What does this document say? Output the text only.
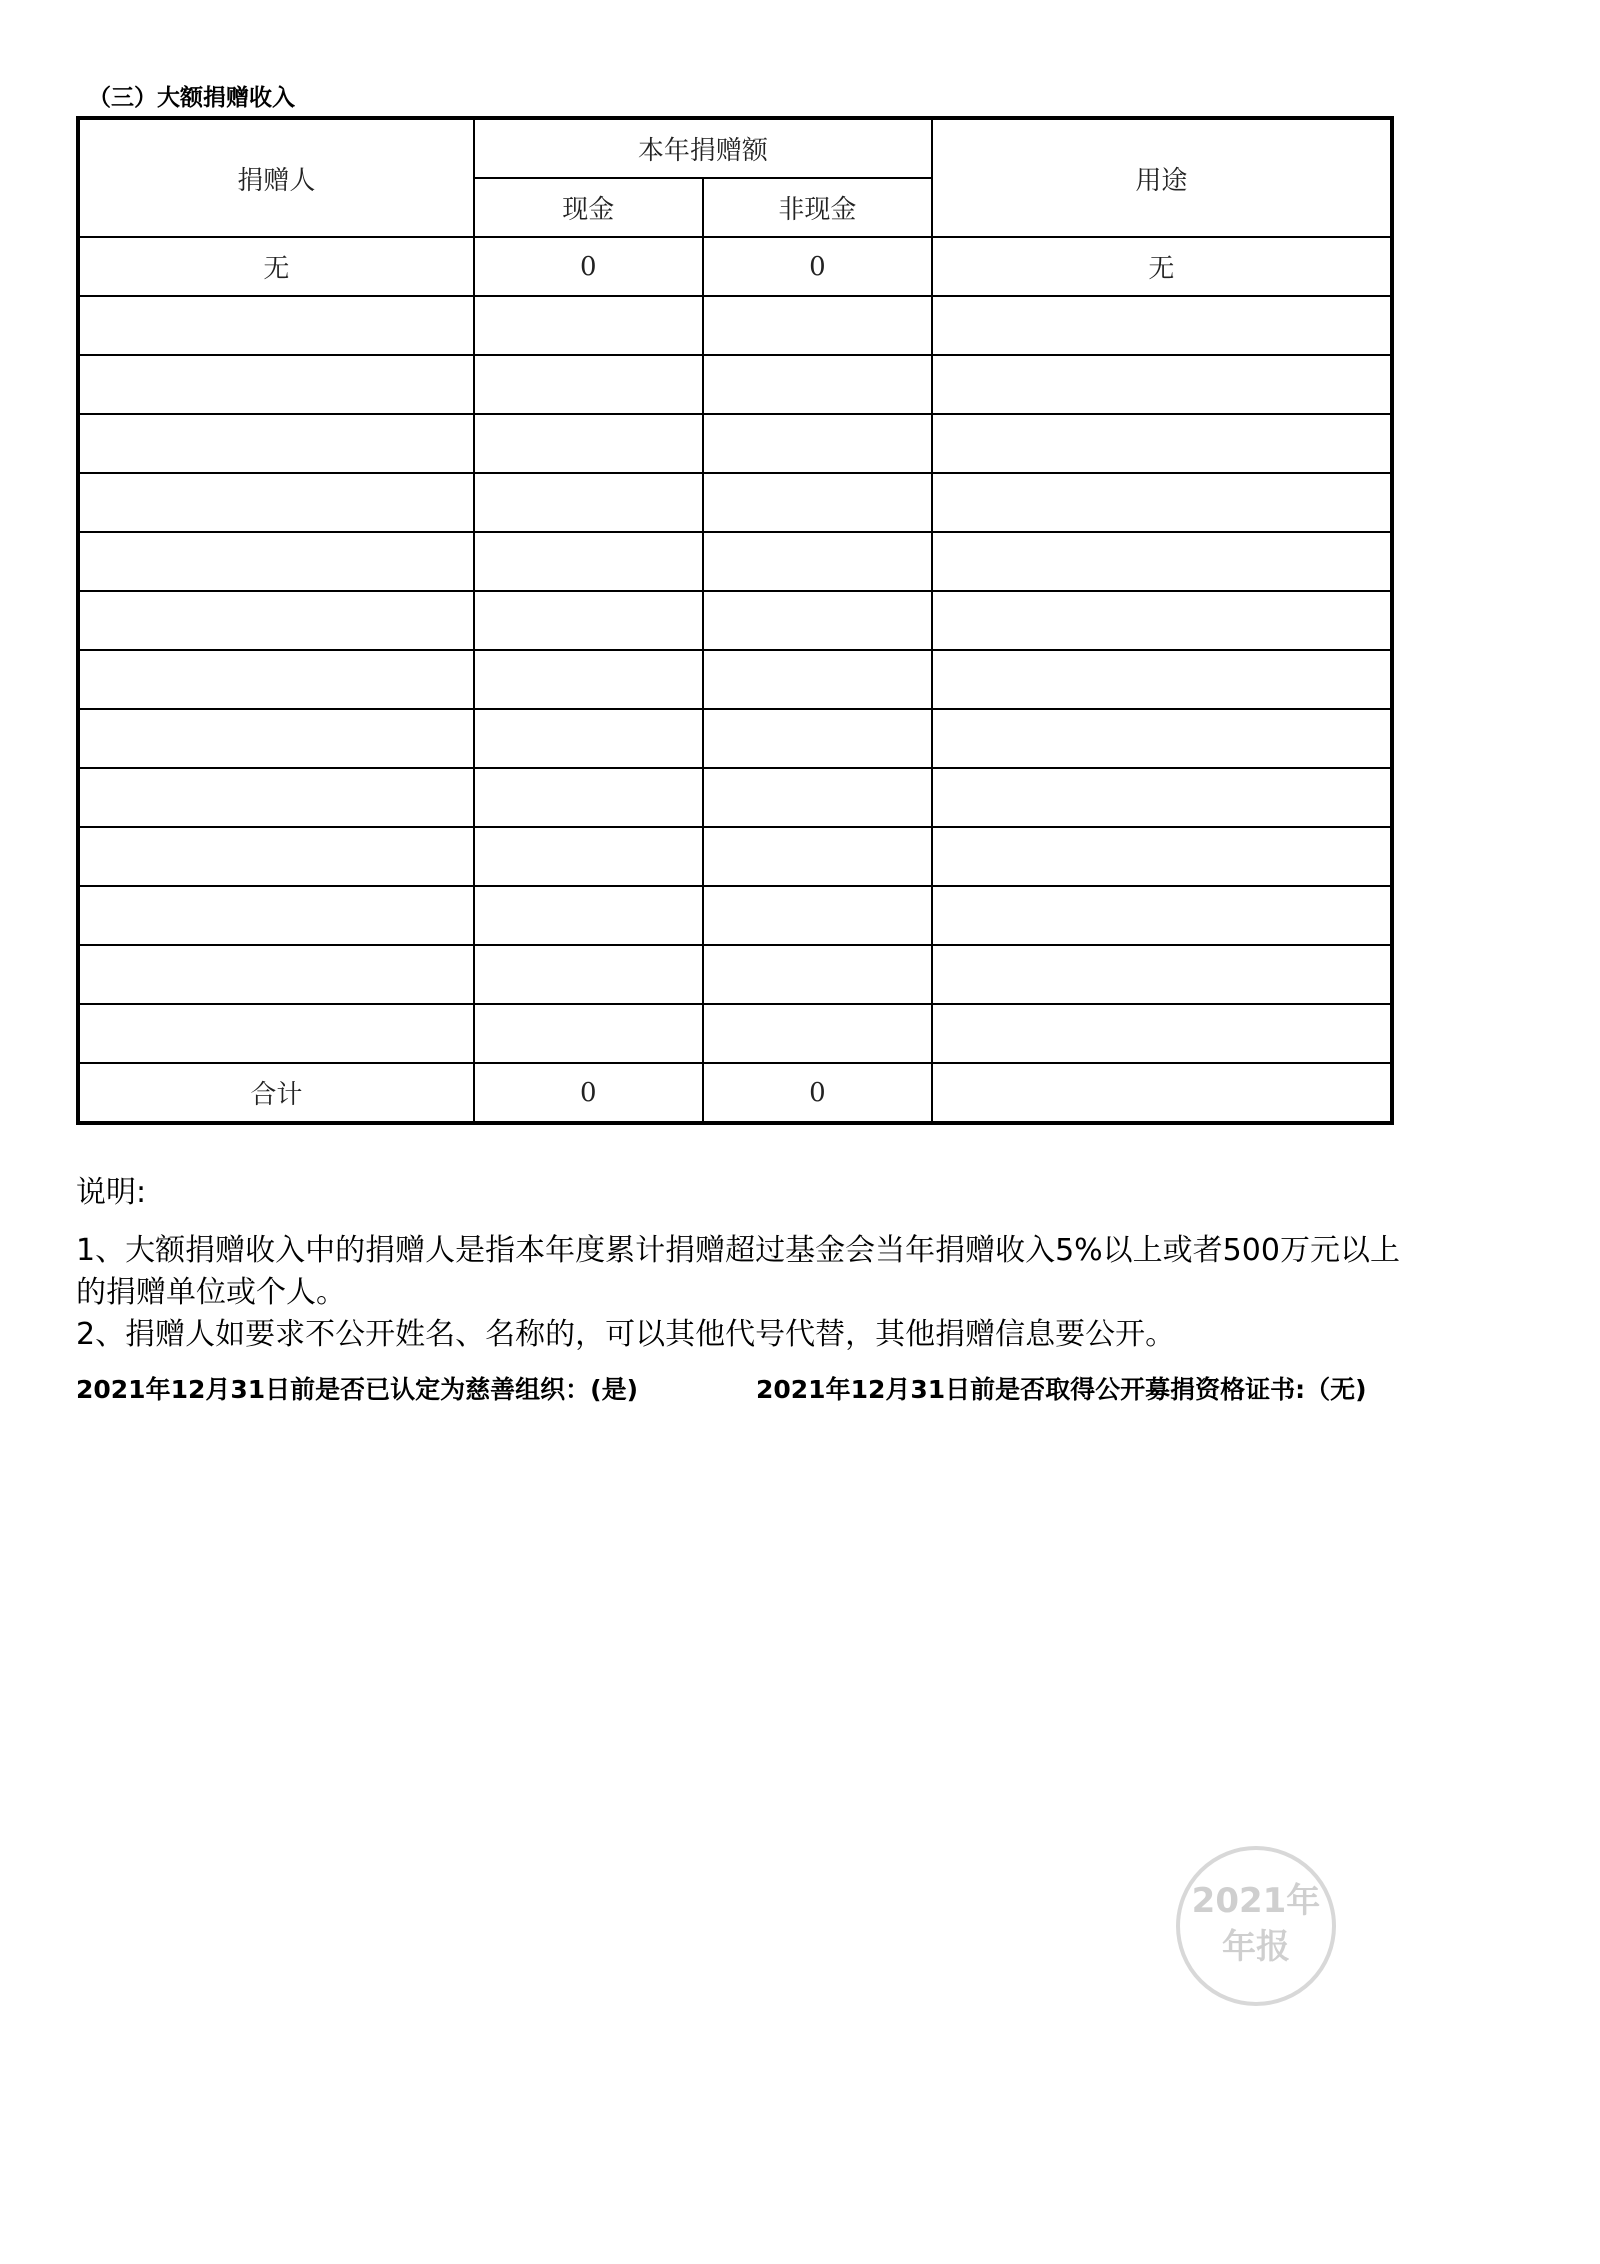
（三）大额捐赠收入
捐赠人	本年捐赠额		用途
	现金	非现金	
无	0	0	无

合计	0	0	

说明:

1、大额捐赠收入中的捐赠人是指本年度累计捐赠超过基金会当年捐赠收入5%以上或者500万元以上的捐赠单位或个人。

2、捐赠人如要求不公开姓名、名称的，可以其他代号代替，其他捐赠信息要公开。

2021年12月31日前是否已认定为慈善组织：(是)	2021年12月31日前是否取得公开募捐资格证书:（无)
2021年
年报
